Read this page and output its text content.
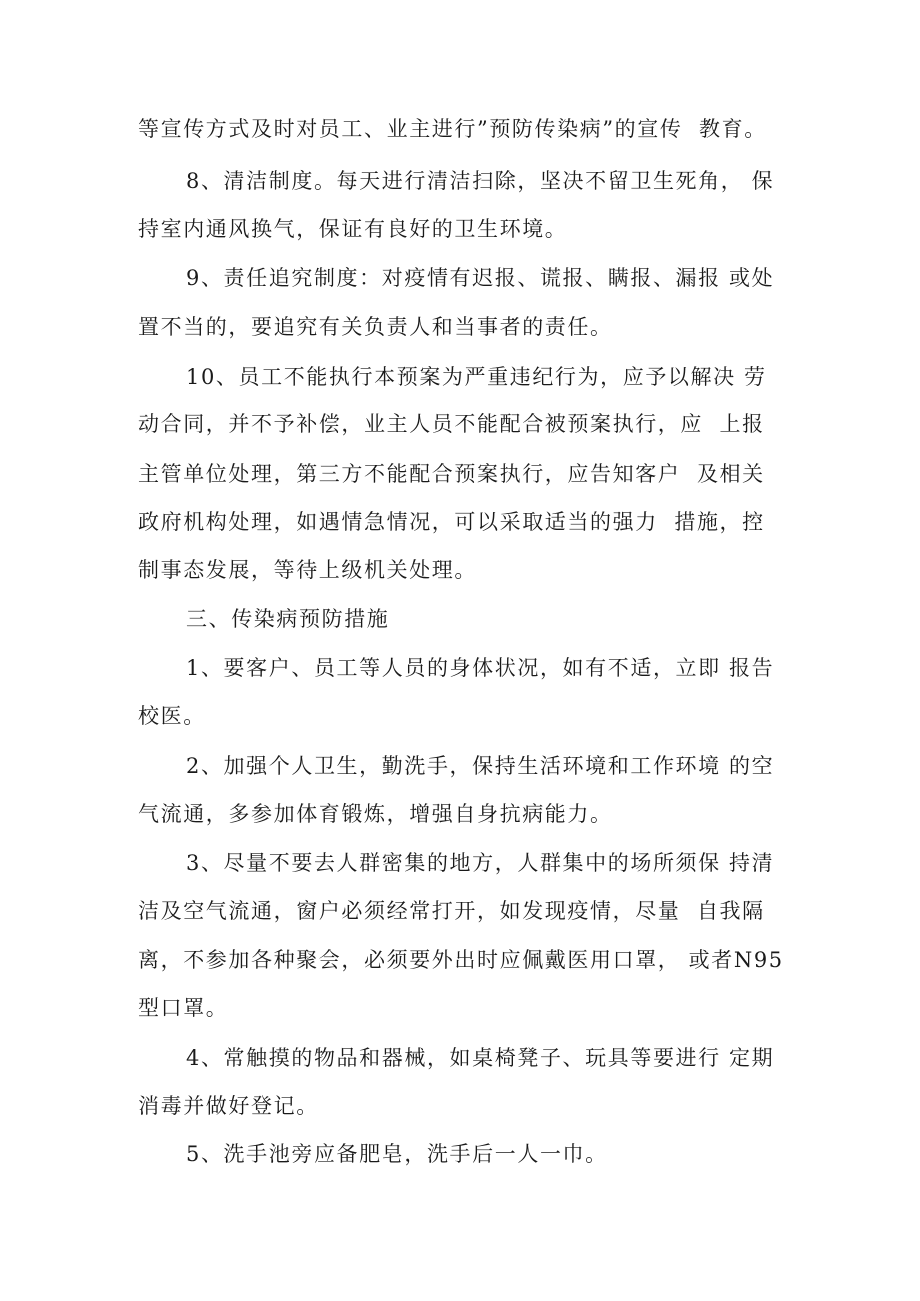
等宣传方式及时对员工、业主进行”预防传染病”的宣传  教育。
8、清洁制度。每天进行清洁扫除，坚决不留卫生死角， 保
持室内通风换气，保证有良好的卫生环境。
9、责任追究制度：对疫情有迟报、谎报、瞒报、漏报 或处
置不当的，要追究有关负责人和当事者的责任。
10、员工不能执行本预案为严重违纪行为，应予以解决 劳
动合同，并不予补偿，业主人员不能配合被预案执行，应  上报
主管单位处理，第三方不能配合预案执行，应告知客户  及相关
政府机构处理，如遇情急情况，可以采取适当的强力  措施，控
制事态发展，等待上级机关处理。
三、传染病预防措施
1、要客户、员工等人员的身体状况，如有不适，立即 报告
校医。
2、加强个人卫生，勤洗手，保持生活环境和工作环境 的空
气流通，多参加体育锻炼，增强自身抗病能力。
3、尽量不要去人群密集的地方，人群集中的场所须保 持清
洁及空气流通，窗户必须经常打开，如发现疫情，尽量  自我隔
离，不参加各种聚会，必须要外出时应佩戴医用口罩， 或者N95
型口罩。
4、常触摸的物品和器械，如桌椅凳子、玩具等要进行 定期
消毒并做好登记。
5、洗手池旁应备肥皂，洗手后一人一巾。
